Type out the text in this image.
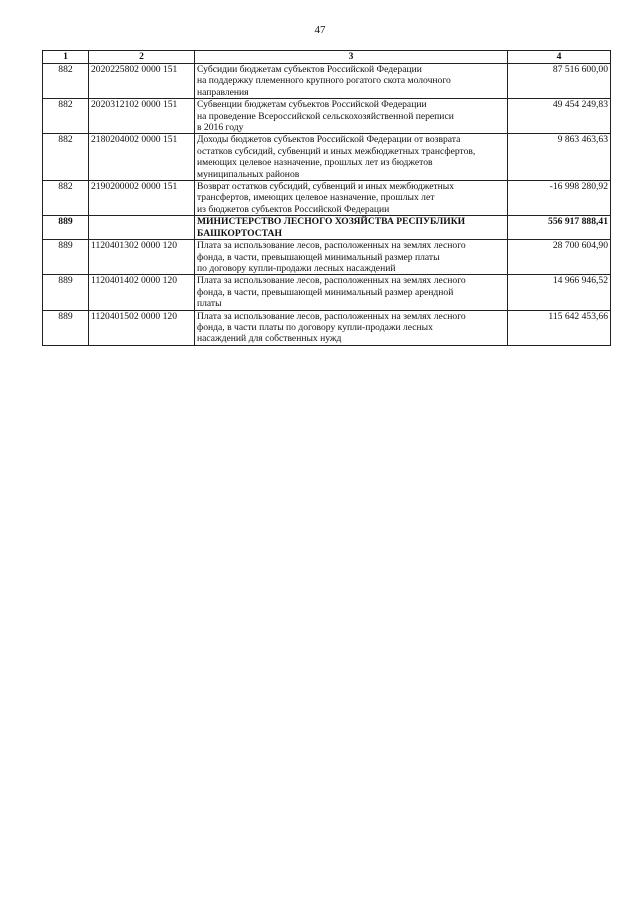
47
1	2	3	4
882	2020225802 0000 151	Субсидии бюджетам субъектов Российской Федерации
на поддержку племенного крупного рогатого скота молочного
направления	87 516 600,00
882	2020312102 0000 151	Субвенции бюджетам субъектов Российской Федерации
на проведение Всероссийской сельскохозяйственной переписи
в 2016 году	49 454 249,83
882	2180204002 0000 151	Доходы бюджетов субъектов Российской Федерации от возврата
остатков субсидий, субвенций и иных межбюджетных трансфертов,
имеющих целевое назначение, прошлых лет из бюджетов
муниципальных районов	9 863 463,63
882	2190200002 0000 151	Возврат остатков субсидий, субвенций и иных межбюджетных
трансфертов, имеющих целевое назначение, прошлых лет
из бюджетов субъектов Российской Федерации	-16 998 280,92
889		МИНИСТЕРСТВО ЛЕСНОГО ХОЗЯЙСТВА РЕСПУБЛИКИ
БАШКОРТОСТАН	556 917 888,41
889	1120401302 0000 120	Плата за использование лесов, расположенных на землях лесного
фонда, в части, превышающей минимальный размер платы
по договору купли-продажи лесных насаждений	28 700 604,90
889	1120401402 0000 120	Плата за использование лесов, расположенных на землях лесного
фонда, в части, превышающей минимальный размер арендной
платы	14 966 946,52
889	1120401502 0000 120	Плата за использование лесов, расположенных на землях лесного
фонда, в части платы по договору купли-продажи лесных
насаждений для собственных нужд	115 642 453,66
